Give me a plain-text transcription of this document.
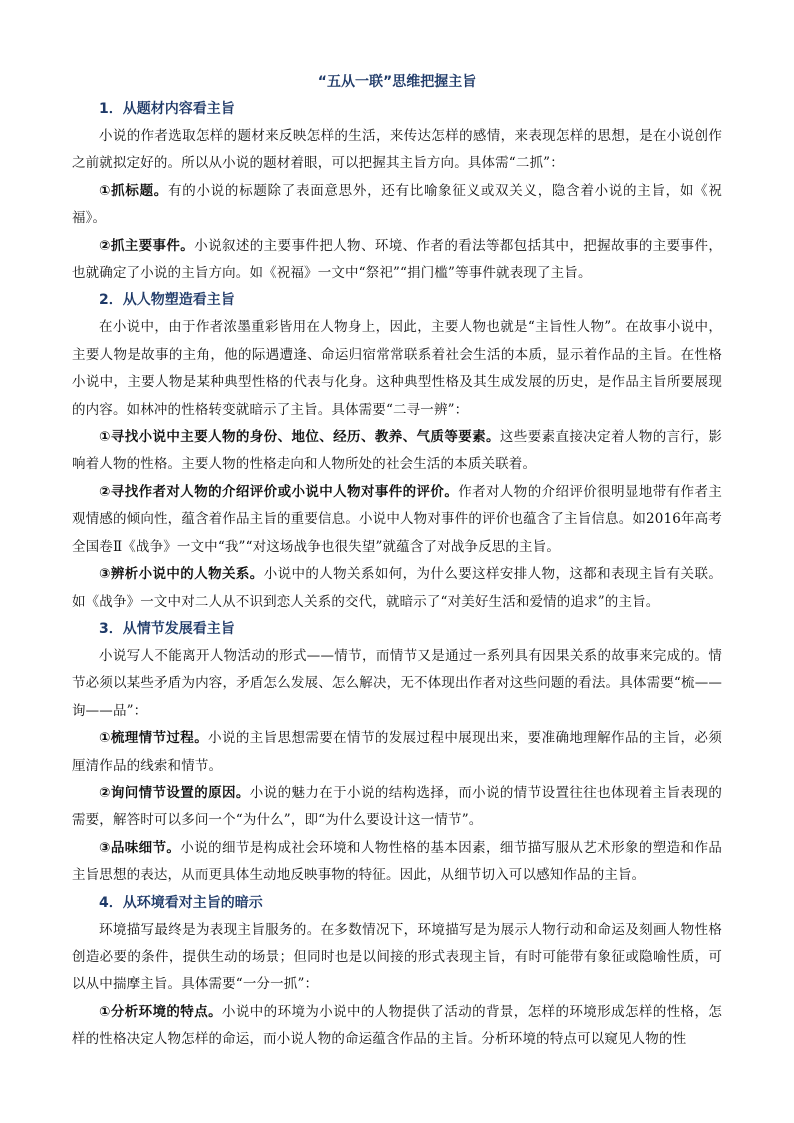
“五从一联”思维把握主旨
1．从题材内容看主旨

小说的作者选取怎样的题材来反映怎样的生活，来传达怎样的感情，来表现怎样的思想，是在小说创作之前就拟定好的。所以从小说的题材着眼，可以把握其主旨方向。具体需“二抓”：

①抓标题。有的小说的标题除了表面意思外，还有比喻象征义或双关义，隐含着小说的主旨，如《祝福》。

②抓主要事件。小说叙述的主要事件把人物、环境、作者的看法等都包括其中，把握故事的主要事件，也就确定了小说的主旨方向。如《祝福》一文中“祭祀”“捐门槛”等事件就表现了主旨。

2．从人物塑造看主旨

在小说中，由于作者浓墨重彩皆用在人物身上，因此，主要人物也就是“主旨性人物”。在故事小说中，主要人物是故事的主角，他的际遇遭逢、命运归宿常常联系着社会生活的本质，显示着作品的主旨。在性格小说中，主要人物是某种典型性格的代表与化身。这种典型性格及其生成发展的历史，是作品主旨所要展现的内容。如林冲的性格转变就暗示了主旨。具体需要“二寻一辨”：

①寻找小说中主要人物的身份、地位、经历、教养、气质等要素。这些要素直接决定着人物的言行，影响着人物的性格。主要人物的性格走向和人物所处的社会生活的本质关联着。

②寻找作者对人物的介绍评价或小说中人物对事件的评价。作者对人物的介绍评价很明显地带有作者主观情感的倾向性，蕴含着作品主旨的重要信息。小说中人物对事件的评价也蕴含了主旨信息。如2016年高考全国卷Ⅱ《战争》一文中“我”“对这场战争也很失望”就蕴含了对战争反思的主旨。

③辨析小说中的人物关系。小说中的人物关系如何，为什么要这样安排人物，这都和表现主旨有关联。如《战争》一文中对二人从不识到恋人关系的交代，就暗示了“对美好生活和爱情的追求”的主旨。

3．从情节发展看主旨

小说写人不能离开人物活动的形式——情节，而情节又是通过一系列具有因果关系的故事来完成的。情节必须以某些矛盾为内容，矛盾怎么发展、怎么解决，无不体现出作者对这些问题的看法。具体需要“梳——询——品”：

①梳理情节过程。小说的主旨思想需要在情节的发展过程中展现出来，要准确地理解作品的主旨，必须厘清作品的线索和情节。

②询问情节设置的原因。小说的魅力在于小说的结构选择，而小说的情节设置往往也体现着主旨表现的需要，解答时可以多问一个“为什么”，即“为什么要设计这一情节”。

③品味细节。小说的细节是构成社会环境和人物性格的基本因素，细节描写服从艺术形象的塑造和作品主旨思想的表达，从而更具体生动地反映事物的特征。因此，从细节切入可以感知作品的主旨。

4．从环境看对主旨的暗示

环境描写最终是为表现主旨服务的。在多数情况下，环境描写是为展示人物行动和命运及刻画人物性格创造必要的条件，提供生动的场景；但同时也是以间接的形式表现主旨，有时可能带有象征或隐喻性质，可以从中揣摩主旨。具体需要“一分一抓”：

①分析环境的特点。小说中的环境为小说中的人物提供了活动的背景，怎样的环境形成怎样的性格，怎样的性格决定人物怎样的命运，而小说人物的命运蕴含作品的主旨。分析环境的特点可以窥见人物的性
